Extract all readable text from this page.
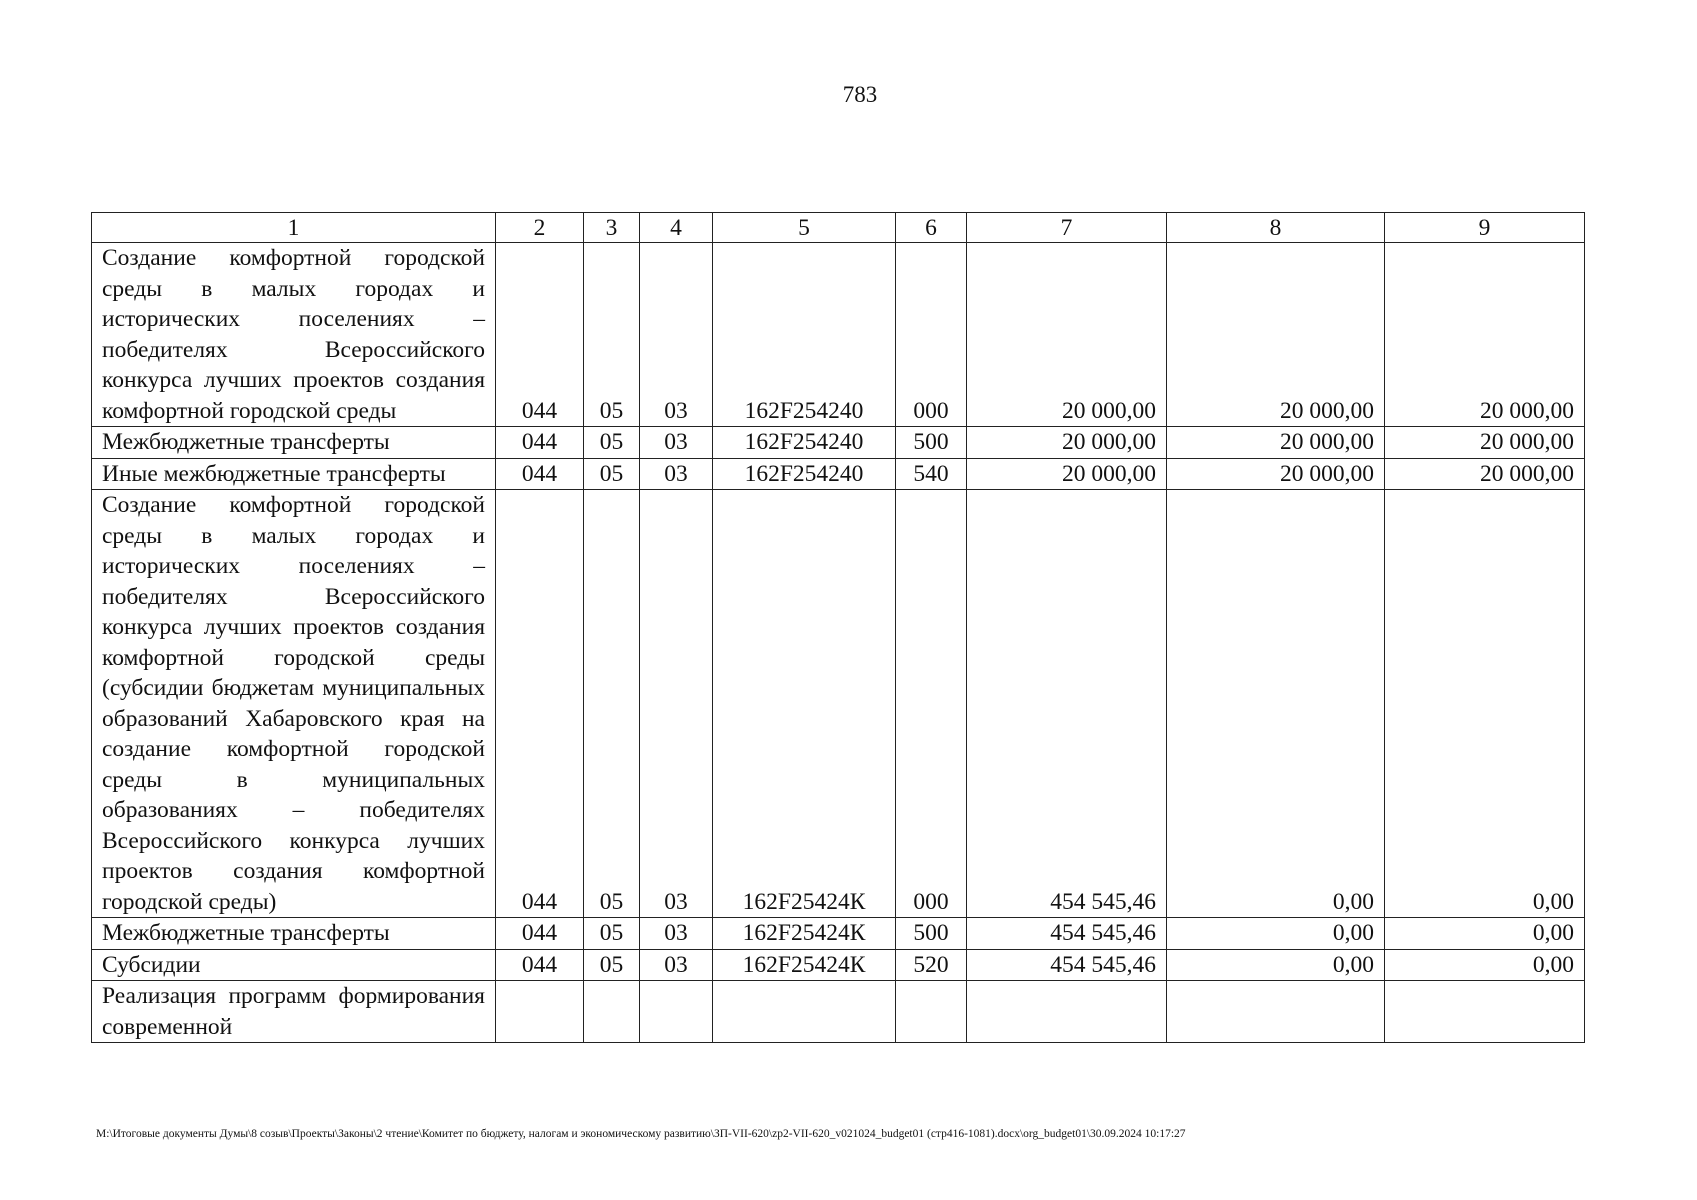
783
1	2	3	4	5	6	7	8	9
Создание комфортной городской среды в малых городах и исторических поселениях – победителях Всероссийского конкурса лучших проектов создания комфортной городской среды	044	05	03	162F254240	000	20 000,00	20 000,00	20 000,00
Межбюджетные трансферты	044	05	03	162F254240	500	20 000,00	20 000,00	20 000,00
Иные межбюджетные трансферты	044	05	03	162F254240	540	20 000,00	20 000,00	20 000,00
Создание комфортной городской среды в малых городах и исторических поселениях – победителях Всероссийского конкурса лучших проектов создания комфортной городской среды (субсидии бюджетам муниципальных образований Хабаровского края на создание комфортной городской среды в муниципальных образованиях – победителях Всероссийского конкурса лучших проектов создания комфортной городской среды)	044	05	03	162F25424К	000	454 545,46	0,00	0,00
Межбюджетные трансферты	044	05	03	162F25424К	500	454 545,46	0,00	0,00
Субсидии	044	05	03	162F25424К	520	454 545,46	0,00	0,00
Реализация программ формирования современной								
M:\Итоговые документы Думы\8 созыв\Проекты\Законы\2 чтение\Комитет по бюджету, налогам и экономическому развитию\ЗП-VII-620\zp2-VII-620_v021024_budget01 (стр416-1081).docx\org_budget01\30.09.2024 10:17:27
